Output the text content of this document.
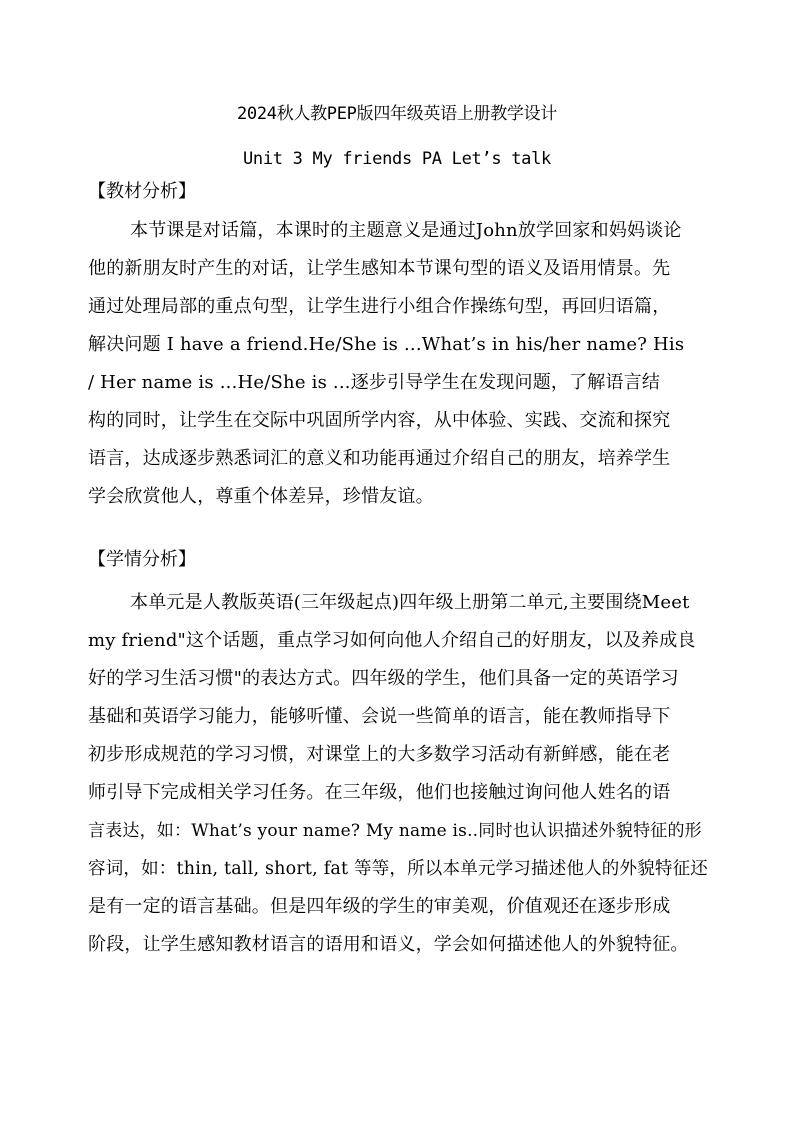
2024秋人教PEP版四年级英语上册教学设计
Unit 3 My friends PA Let’s talk
【教材分析】
本节课是对话篇，本课时的主题意义是通过John放学回家和妈妈谈论
他的新朋友时产生的对话，让学生感知本节课句型的语义及语用情景。先
通过处理局部的重点句型，让学生进行小组合作操练句型，再回归语篇，
解决问题 I have a friend.He/She is ...What’s in his/her name? His
/ Her name is ...He/She is ...逐步引导学生在发现问题，了解语言结
构的同时，让学生在交际中巩固所学内容，从中体验、实践、交流和探究
语言，达成逐步熟悉词汇的意义和功能再通过介绍自己的朋友，培养学生
学会欣赏他人，尊重个体差异，珍惜友谊。
【学情分析】
本单元是人教版英语(三年级起点)四年级上册第二单元,主要围绕Meet
my friend"这个话题，重点学习如何向他人介绍自己的好朋友，以及养成良
好的学习生活习惯"的表达方式。四年级的学生，他们具备一定的英语学习
基础和英语学习能力，能够听懂、会说一些简单的语言，能在教师指导下
初步形成规范的学习习惯，对课堂上的大多数学习活动有新鲜感，能在老
师引导下完成相关学习任务。在三年级，他们也接触过询问他人姓名的语
言表达，如：What’s your name? My name is..同时也认识描述外貌特征的形
容词，如：thin, tall, short, fat 等等，所以本单元学习描述他人的外貌特征还
是有一定的语言基础。但是四年级的学生的审美观，价值观还在逐步形成
阶段，让学生感知教材语言的语用和语义，学会如何描述他人的外貌特征。
